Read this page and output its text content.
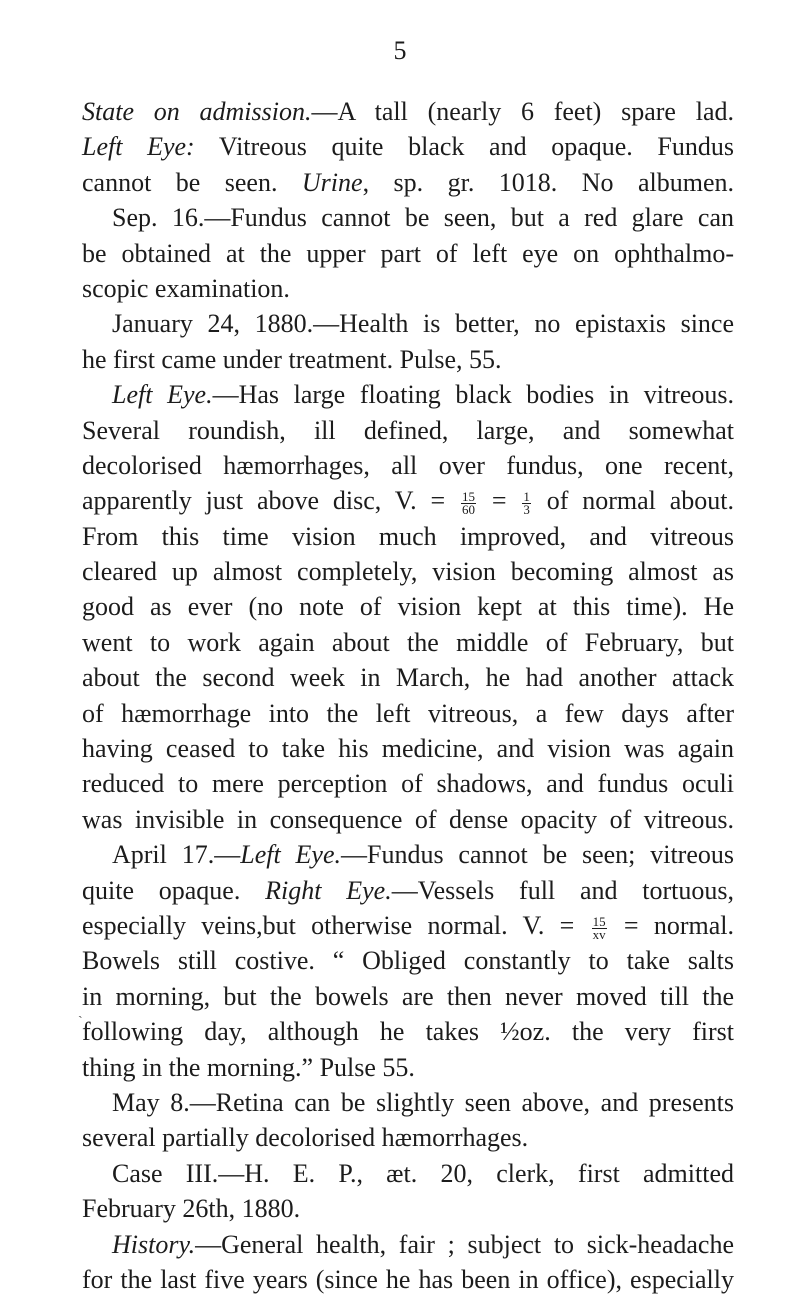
5
ˎ
State on admission.—A tall (nearly 6 feet) spare lad.
Left Eye: Vitreous quite black and opaque. Fundus
cannot be seen. Urine, sp. gr. 1018. No albumen.
Sep. 16.—Fundus cannot be seen, but a red glare can
be obtained at the upper part of left eye on ophthalmo-
scopic examination.
January 24, 1880.—Health is better, no epistaxis since
he first came under treatment. Pulse, 55.
Left Eye.—Has large floating black bodies in vitreous.
Several roundish, ill defined, large, and somewhat
decolorised hæmorrhages, all over fundus, one recent,
apparently just above disc, V. = $\frac{15}{60} = \frac{1}{3}$ of normal about.
From this time vision much improved, and vitreous
cleared up almost completely, vision becoming almost as
good as ever (no note of vision kept at this time). He
went to work again about the middle of February, but
about the second week in March, he had another attack
of hæmorrhage into the left vitreous, a few days after
having ceased to take his medicine, and vision was again
reduced to mere perception of shadows, and fundus oculi
was invisible in consequence of dense opacity of vitreous.
April 17.—Left Eye.—Fundus cannot be seen; vitreous
quite opaque. Right Eye.—Vessels full and tortuous,
especially veins,but otherwise normal. V. = $\frac{15}{xv}$ = normal.
Bowels still costive. “ Obliged constantly to take salts
in morning, but the bowels are then never moved till the
following day, although he takes ½oz. the very first
thing in the morning.” Pulse 55.
May 8.—Retina can be slightly seen above, and presents
several partially decolorised hæmorrhages.
Case III.—H. E. P., æt. 20, clerk, first admitted
February 26th, 1880.
History.—General health, fair ; subject to sick-headache
for the last five years (since he has been in office), especially
